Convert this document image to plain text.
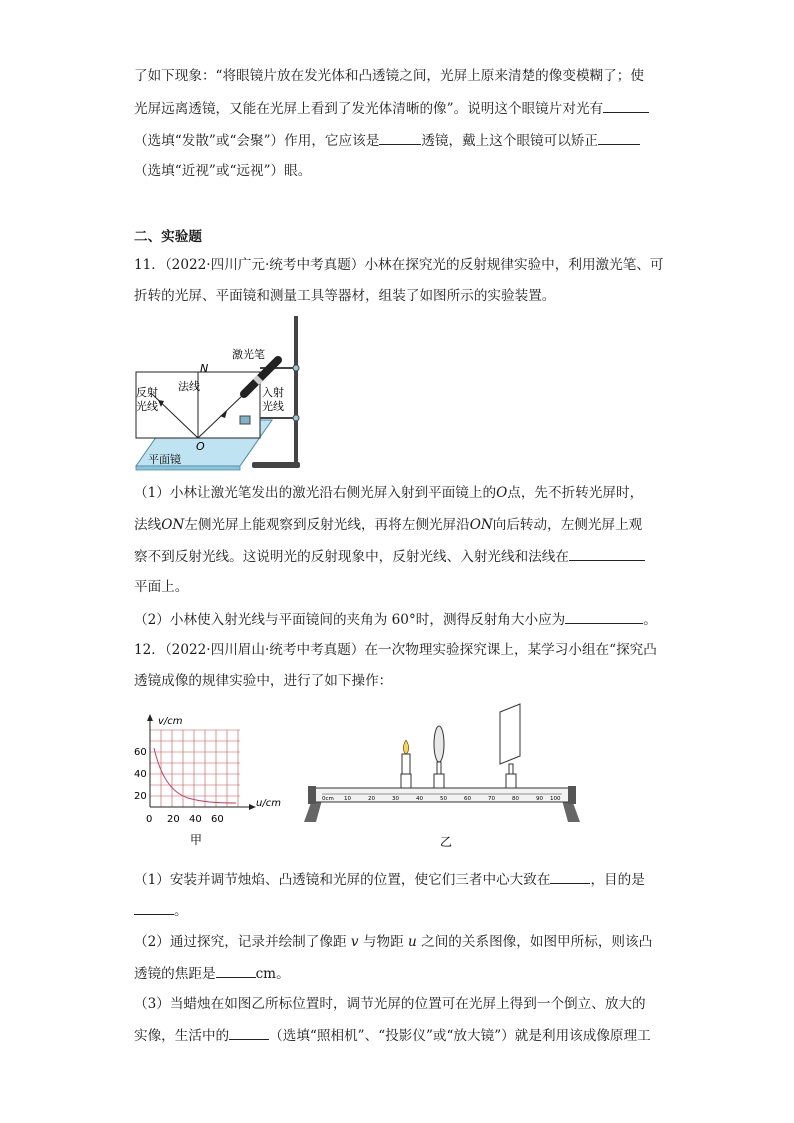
了如下现象：“将眼镜片放在发光体和凸透镜之间，光屏上原来清楚的像变模糊了；使
光屏远离透镜，又能在光屏上看到了发光体清晰的像”。说明这个眼镜片对光有
（选填“发散”或“会聚”）作用，它应该是	透镜，戴上这个眼镜可以矫正
（选填“近视”或“远视”）眼。
二、实验题
11．（2022·四川广元·统考中考真题）小林在探究光的反射规律实验中，利用激光笔、可
折转的光屏、平面镜和测量工具等器材，组装了如图所示的实验装置。
激光笔
N
法线
反射
光线
入射
光线
O
平面镜
（1）小林让激光笔发出的激光沿右侧光屏入射到平面镜上的O点，先不折转光屏时，
法线ON左侧光屏上能观察到反射光线，再将左侧光屏沿ON向后转动，左侧光屏上观
察不到反射光线。这说明光的反射现象中，反射光线、入射光线和法线在
平面上。
（2）小林使入射光线与平面镜间的夹角为 60°时，测得反射角大小应为	。
12．（2022·四川眉山·统考中考真题）在一次物理实验探究课上，某学习小组在“探究凸
透镜成像的规律实验中，进行了如下操作：
v/cm
u/cm
60
40
20
0 20 40 60
甲
0cm 10	20	30	40	50	60	70	80	90 100
乙
（1）安装并调节烛焰、凸透镜和光屏的位置，使它们三者中心大致在	，目的是
。
（2）通过探究，记录并绘制了像距 v 与物距 u 之间的关系图像，如图甲所标，则该凸
透镜的焦距是	cm。
（3）当蜡烛在如图乙所标位置时，调节光屏的位置可在光屏上得到一个倒立、放大的
实像，生活中的	（选填“照相机”、“投影仪”或“放大镜”）就是利用该成像原理工
